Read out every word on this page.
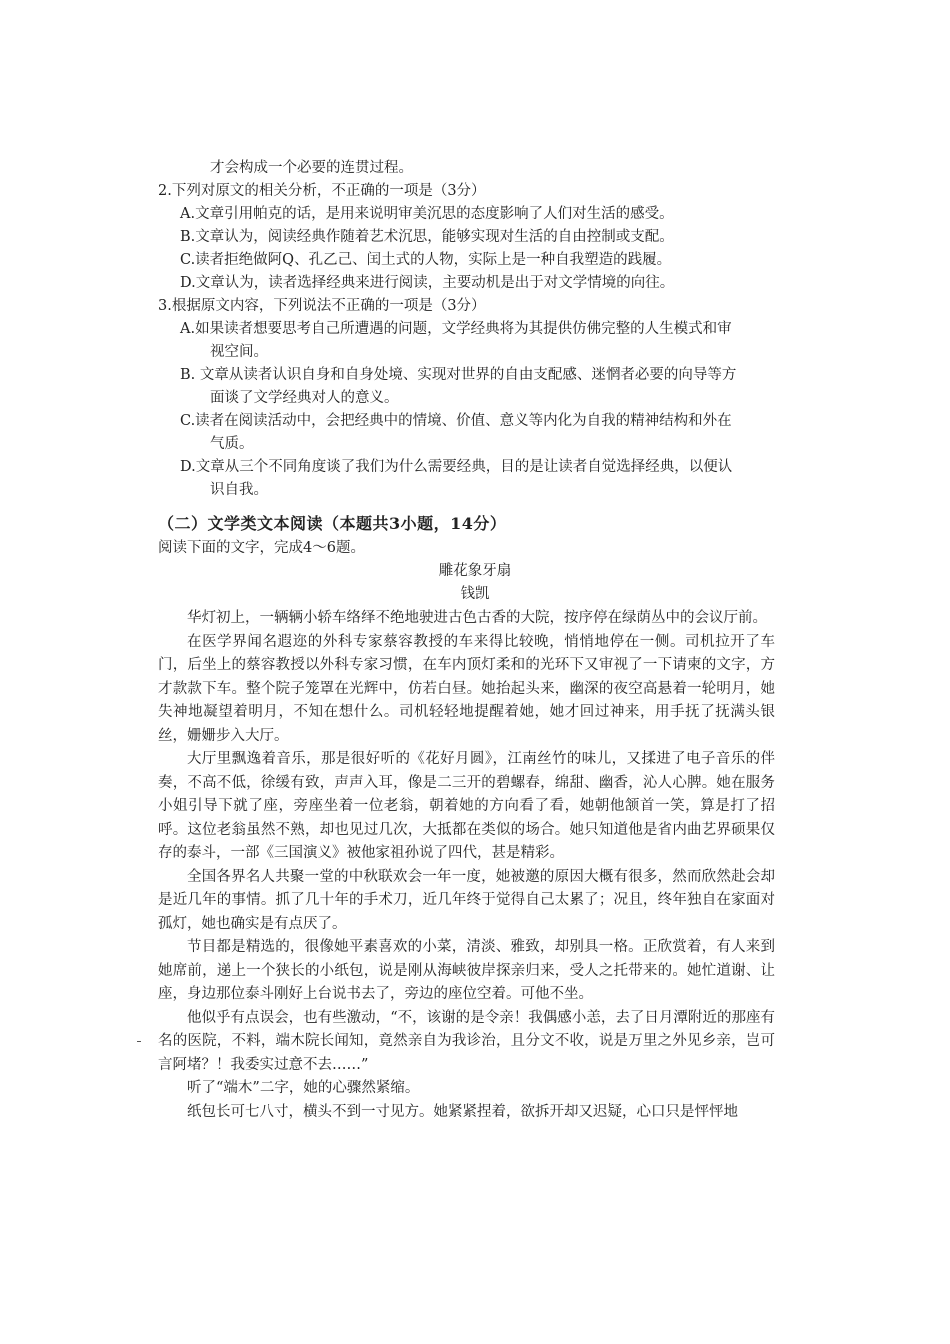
才会构成一个必要的连贯过程。
2.下列对原文的相关分析，不正确的一项是（3分）
A.文章引用帕克的话，是用来说明审美沉思的态度影响了人们对生活的感受。
B.文章认为，阅读经典作随着艺术沉思，能够实现对生活的自由控制或支配。
C.读者拒绝做阿Q、孔乙己、闰土式的人物，实际上是一种自我塑造的践履。
D.文章认为，读者选择经典来进行阅读，主要动机是出于对文学情境的向往。
3.根据原文内容，下列说法不正确的一项是（3分）
A.如果读者想要思考自己所遭遇的问题，文学经典将为其提供仿佛完整的人生模式和审
视空间。
B. 文章从读者认识自身和自身处境、实现对世界的自由支配感、迷惘者必要的向导等方
面谈了文学经典对人的意义。
C.读者在阅读活动中，会把经典中的情境、价值、意义等内化为自我的精神结构和外在
气质。
D.文章从三个不同角度谈了我们为什么需要经典，目的是让读者自觉选择经典，以便认
识自我。
（二）文学类文本阅读（本题共3小题，14分）
阅读下面的文字，完成4～6题。
雕花象牙扇
钱凯

华灯初上，一辆辆小轿车络绎不绝地驶进古色古香的大院，按序停在绿荫丛中的会议厅前。

在医学界闻名遐迩的外科专家蔡容教授的车来得比较晚，悄悄地停在一侧。司机拉开了车门，后坐上的蔡容教授以外科专家习惯，在车内顶灯柔和的光环下又审视了一下请柬的文字，方才款款下车。整个院子笼罩在光辉中，仿若白昼。她抬起头来，幽深的夜空高悬着一轮明月，她失神地凝望着明月，不知在想什么。司机轻轻地提醒着她，她才回过神来，用手抚了抚满头银丝，姗姗步入大厅。

大厅里飘逸着音乐，那是很好听的《花好月圆》，江南丝竹的味儿，又揉进了电子音乐的伴奏，不高不低，徐缓有致，声声入耳，像是二三开的碧螺春，绵甜、幽香，沁人心脾。她在服务小姐引导下就了座，旁座坐着一位老翁，朝着她的方向看了看，她朝他颔首一笑，算是打了招呼。这位老翁虽然不熟，却也见过几次，大抵都在类似的场合。她只知道他是省内曲艺界硕果仅存的泰斗，一部《三国演义》被他家祖孙说了四代，甚是精彩。

全国各界名人共聚一堂的中秋联欢会一年一度，她被邀的原因大概有很多，然而欣然赴会却是近几年的事情。抓了几十年的手术刀，近几年终于觉得自己太累了；况且，终年独自在家面对孤灯，她也确实是有点厌了。

节目都是精选的，很像她平素喜欢的小菜，清淡、雅致，却别具一格。正欣赏着，有人来到她席前，递上一个狭长的小纸包，说是刚从海峡彼岸探亲归来，受人之托带来的。她忙道谢、让座，身边那位泰斗刚好上台说书去了，旁边的座位空着。可他不坐。

他似乎有点误会，也有些激动，“不，该谢的是令亲！我偶感小恙，去了日月潭附近的那座有名的医院，不料，端木院长闻知，竟然亲自为我诊治，且分文不收，说是万里之外见乡亲，岂可言阿堵？！我委实过意不去……”

听了“端木”二字，她的心骤然紧缩。

纸包长可七八寸，横头不到一寸见方。她紧紧捏着，欲拆开却又迟疑，心口只是怦怦地
